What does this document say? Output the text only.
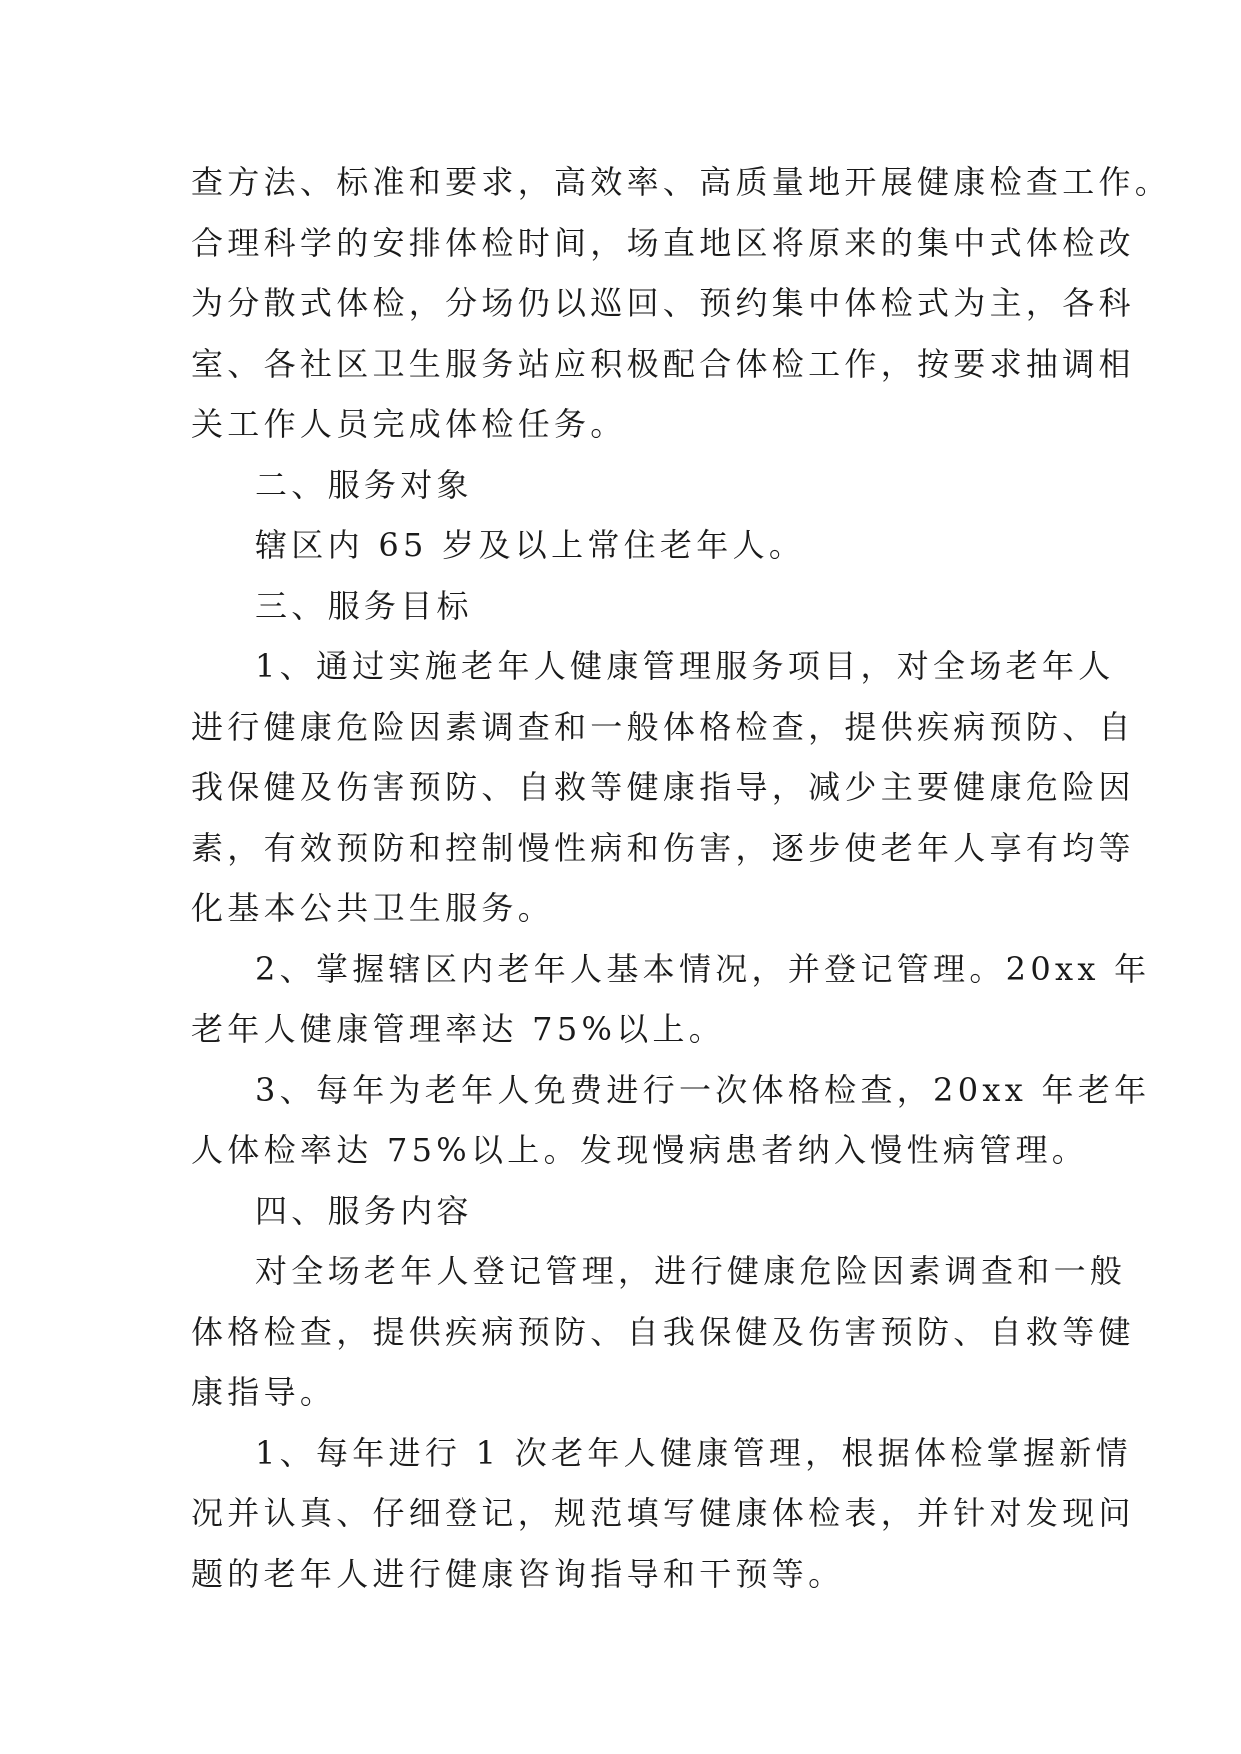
查方法、标准和要求，高效率、高质量地开展健康检查工作。

合理科学的安排体检时间，场直地区将原来的集中式体检改

为分散式体检，分场仍以巡回、预约集中体检式为主，各科

室、各社区卫生服务站应积极配合体检工作，按要求抽调相

关工作人员完成体检任务。

二、服务对象

辖区内 65 岁及以上常住老年人。

三、服务目标

1、通过实施老年人健康管理服务项目，对全场老年人

进行健康危险因素调查和一般体格检查，提供疾病预防、自

我保健及伤害预防、自救等健康指导，减少主要健康危险因

素，有效预防和控制慢性病和伤害，逐步使老年人享有均等

化基本公共卫生服务。

2、掌握辖区内老年人基本情况，并登记管理。20xx 年

老年人健康管理率达 75%以上。

3、每年为老年人免费进行一次体格检查，20xx 年老年

人体检率达 75%以上。发现慢病患者纳入慢性病管理。

四、服务内容

对全场老年人登记管理，进行健康危险因素调查和一般

体格检查，提供疾病预防、自我保健及伤害预防、自救等健

康指导。

1、每年进行 1 次老年人健康管理，根据体检掌握新情

况并认真、仔细登记，规范填写健康体检表，并针对发现问

题的老年人进行健康咨询指导和干预等。
